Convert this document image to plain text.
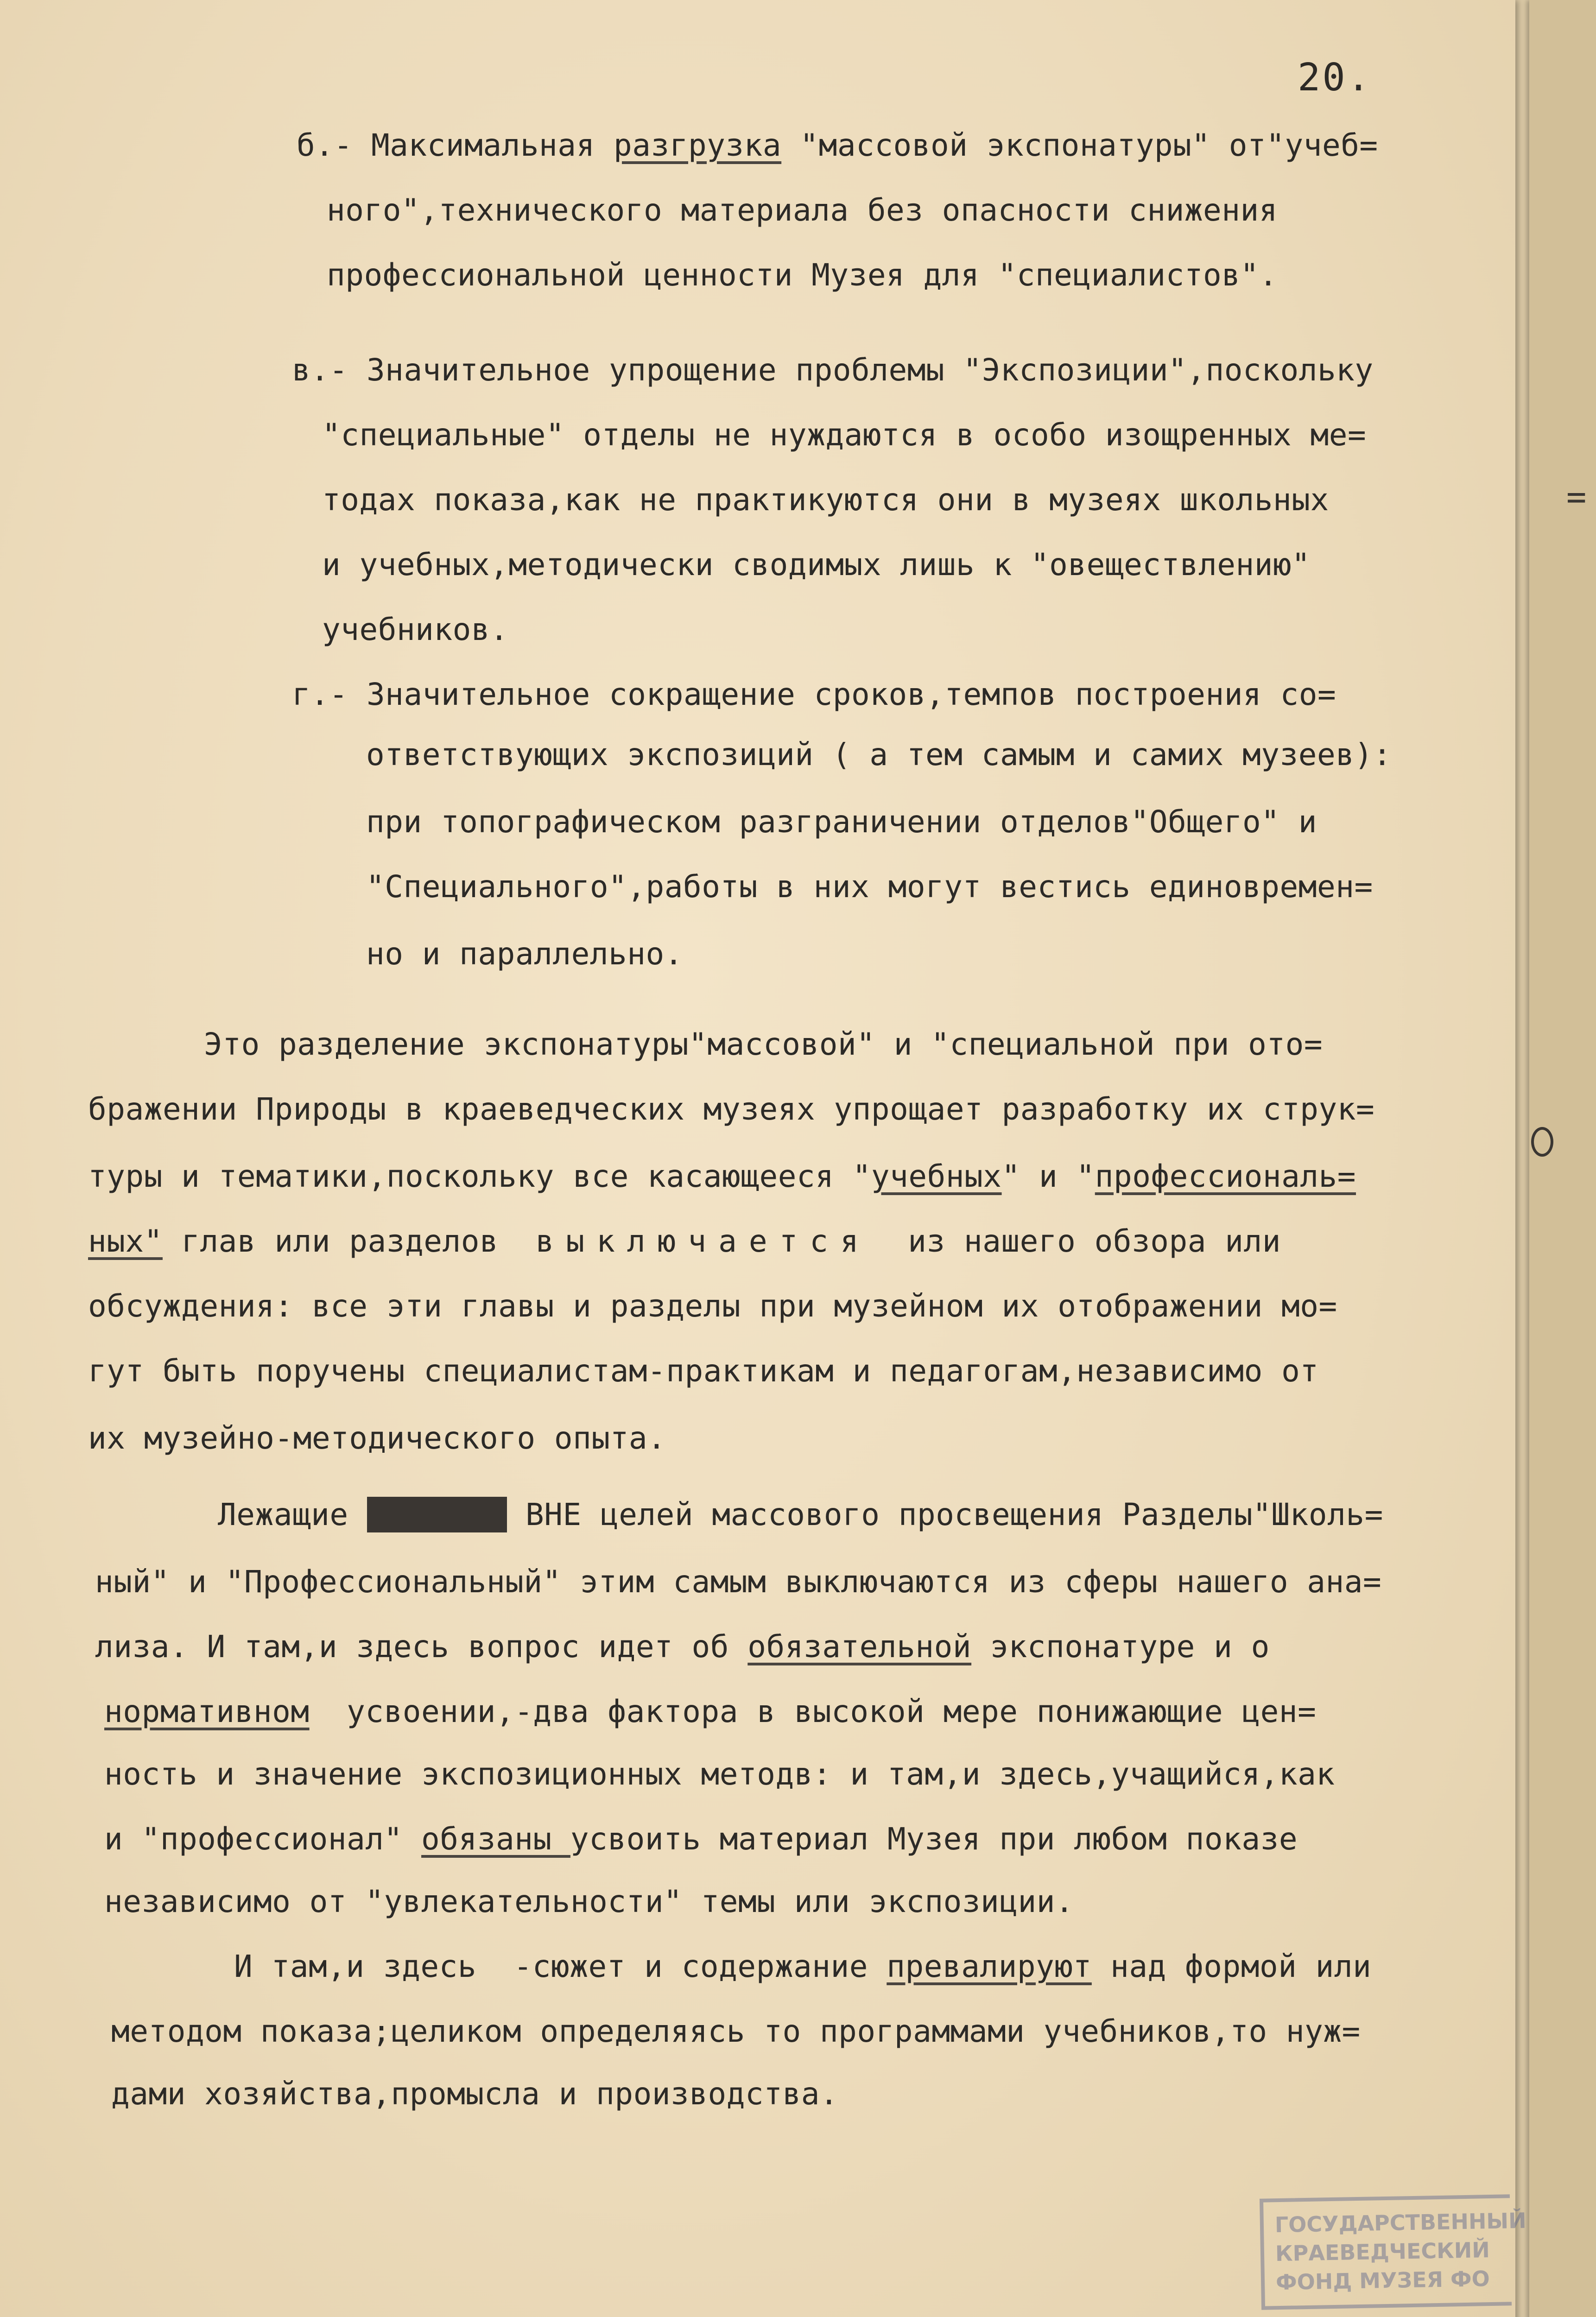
20.
б.- Максимальная разгрузка "массовой экспонатуры" от"учеб=
ного",технического материала без опасности снижения
профессиональной ценности Музея для "специалистов".
в.- Значительное упрощение проблемы "Экспозиции",поскольку
"специальные" отделы не нуждаются в особо изощренных ме=
тодах показа,как не практикуются они в музеях школьных
и учебных,методически сводимых лишь к "овеществлению"
учебников.
г.- Значительное сокращение сроков,темпов построения со=
ответствующих экспозиций ( а тем самым и самих музеев):
при топографическом разграничении отделов"Общего" и
"Специального",работы в них могут вестись единовремен=
но и параллельно.
Это разделение экспонатуры"массовой" и "специальной при ото=
бражении Природы в краеведческих музеях упрощает разработку их струк=
туры и тематики,поскольку все касающееся "учебных" и "профессиональ=
ных" глав или разделов  выключается  из нашего обзора или
обсуждения: все эти главы и разделы при музейном их отображении мо=
гут быть поручены специалистам-практикам и педагогам,независимо от
их музейно-методического опыта.
Лежащие вппвцело ВНЕ целей массового просвещения Разделы"Школь=
ный" и "Профессиональный" этим самым выключаются из сферы нашего ана=
лиза. И там,и здесь вопрос идет об обязательной экспонатуре и о
нормативном  усвоении,-два фактора в высокой мере понижающие цен=
ность и значение экспозиционных методв: и там,и здесь,учащийся,как
и "профессионал" обязаны усвоить материал Музея при любом показе
независимо от "увлекательности" темы или экспозиции.
И там,и здесь  -сюжет и содержание превалируют над формой или
методом показа;целиком определяясь то программами учебников,то нуж=
дами хозяйства,промысла и производства.
ГОСУДАРСТВЕННЫЙ
КРАЕВЕДЧЕСКИЙ
ФОНД МУЗЕЯ ФО
=
